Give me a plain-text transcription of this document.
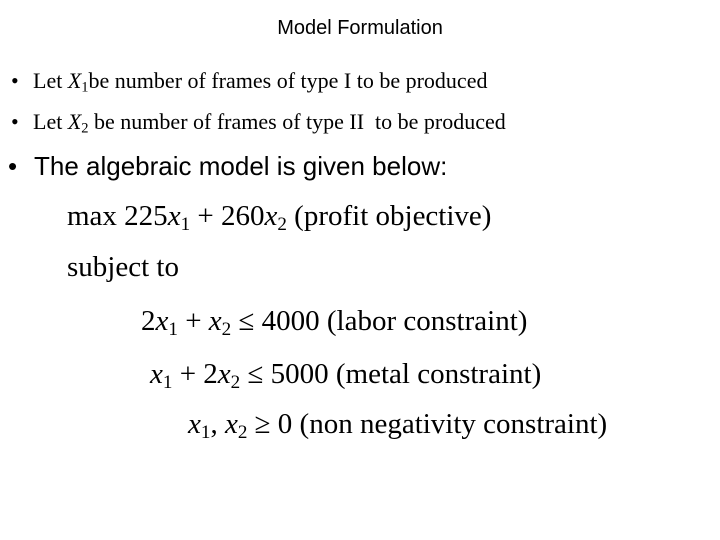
Model Formulation
• Let $X_1be$ number of frames of type I to be produced
• Let $X_2$ be number of frames of type II  to be produced
• The algebraic model is given below:
$\max 225x_1 + 260x_2$ (profit objective)
subject to
$2x_1 + x_2 \le 4000$ (labor constraint)
$x_1 + 2x_2 \le 5000$ (metal constraint)
$x_1$, $x_2 \ge 0$ (non negativity constraint)
